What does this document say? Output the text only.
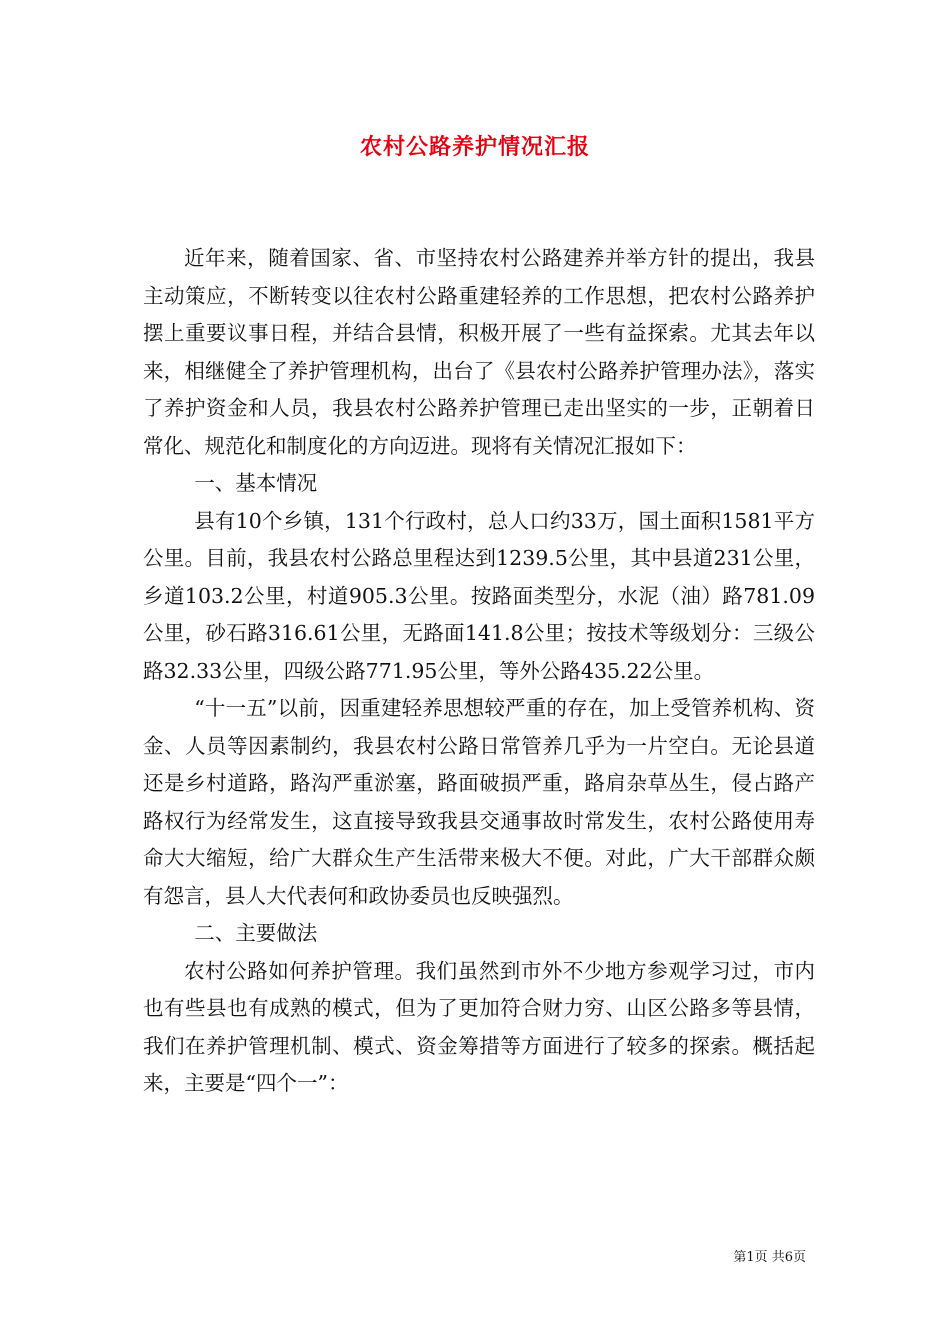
农村公路养护情况汇报

近年来，随着国家、省、市坚持农村公路建养并举方针的提出，我县主动策应，不断转变以往农村公路重建轻养的工作思想，把农村公路养护摆上重要议事日程，并结合县情，积极开展了一些有益探索。尤其去年以来，相继健全了养护管理机构，出台了《县农村公路养护管理办法》，落实了养护资金和人员，我县农村公路养护管理已走出坚实的一步，正朝着日常化、规范化和制度化的方向迈进。现将有关情况汇报如下：

一、基本情况

县有10个乡镇，131个行政村，总人口约33万，国土面积1581平方公里。目前，我县农村公路总里程达到1239.5公里，其中县道231公里，乡道103.2公里，村道905.3公里。按路面类型分，水泥（油）路781.09公里，砂石路316.61公里，无路面141.8公里；按技术等级划分：三级公路32.33公里，四级公路771.95公里，等外公路435.22公里。

“十一五”以前，因重建轻养思想较严重的存在，加上受管养机构、资金、人员等因素制约，我县农村公路日常管养几乎为一片空白。无论县道还是乡村道路，路沟严重淤塞，路面破损严重，路肩杂草丛生，侵占路产路权行为经常发生，这直接导致我县交通事故时常发生，农村公路使用寿命大大缩短，给广大群众生产生活带来极大不便。对此，广大干部群众颇有怨言，县人大代表何和政协委员也反映强烈。

二、主要做法

农村公路如何养护管理。我们虽然到市外不少地方参观学习过，市内也有些县也有成熟的模式，但为了更加符合财力穷、山区公路多等县情，我们在养护管理机制、模式、资金筹措等方面进行了较多的探索。概括起来，主要是“四个一”：

第1页 共6页
